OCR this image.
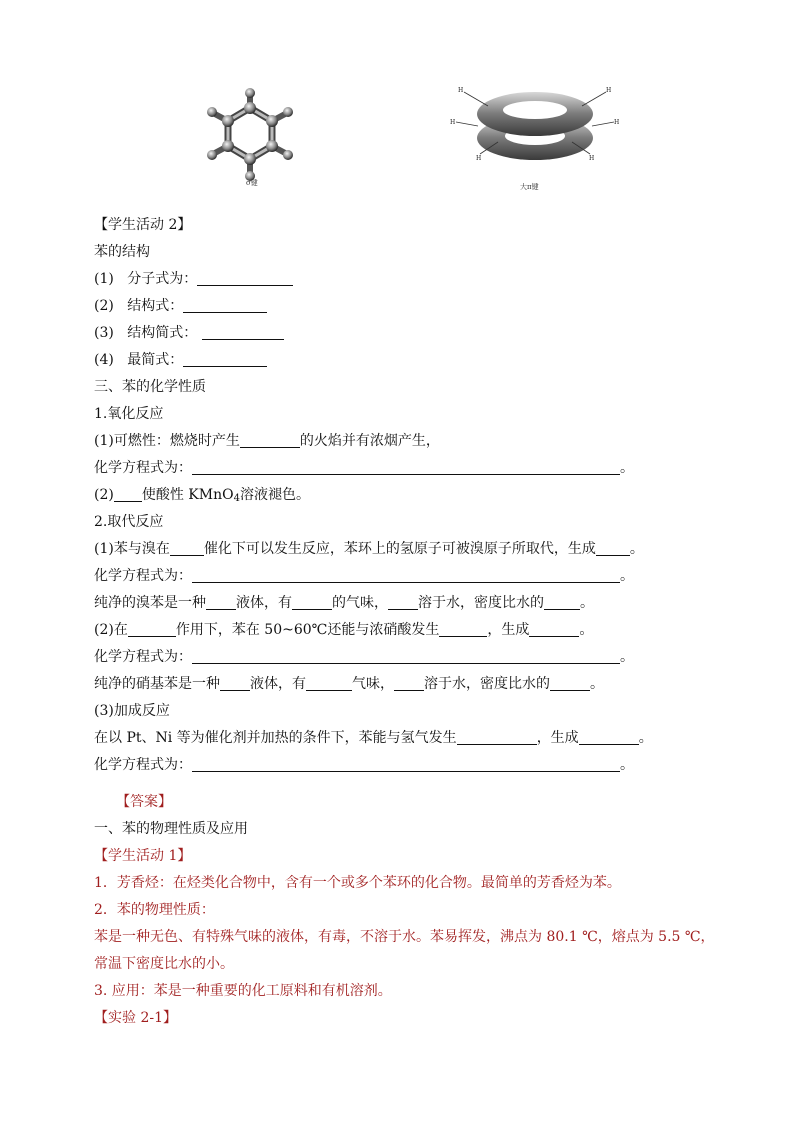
σ键
H	H
H	H
H	H
大π键
【学生活动 2】
苯的结构
(1) 分子式为：
(2) 结构式：
(3) 结构简式：
(4) 最简式：
三、苯的化学性质
1.氧化反应
(1)可燃性：燃烧时产生	的火焰并有浓烟产生，
化学方程式为：	。
(2) 使酸性 KMnO$_4$溶液褪色。
2.取代反应
(1)苯与溴在 催化下可以发生反应，苯环上的氢原子可被溴原子所取代，生成 。
化学方程式为：	。
纯净的溴苯是一种 液体，有	的气味， 溶于水，密度比水的	。
(2)在	作用下，苯在 50~60℃还能与浓硝酸发生	，生成	。
化学方程式为：	。
纯净的硝基苯是一种 液体，有	气味， 溶于水，密度比水的	。
(3)加成反应
在以 Pt、Ni 等为催化剂并加热的条件下，苯能与氢气发生	，生成	。
化学方程式为：	。
【答案】
一、苯的物理性质及应用
【学生活动 1】
1．芳香烃：在烃类化合物中，含有一个或多个苯环的化合物。最简单的芳香烃为苯。
2．苯的物理性质：
苯是一种无色、有特殊气味的液体，有毒，不溶于水。苯易挥发，沸点为 80.1 ℃，熔点为 5.5 ℃，
常温下密度比水的小。
3. 应用：苯是一种重要的化工原料和有机溶剂。
【实验 2-1】
